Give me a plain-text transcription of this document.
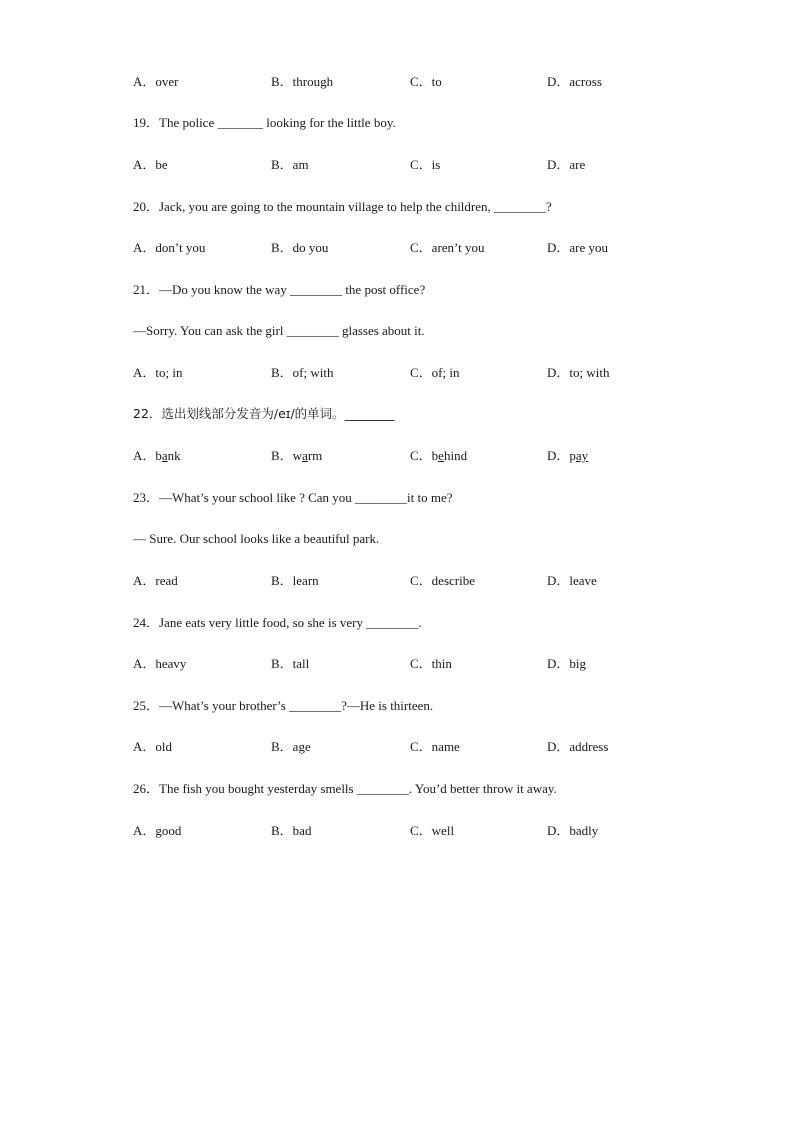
A．over	B．through	C．to	D．across
19．The police _______ looking for the little boy.
A．be	B．am	C．is	D．are
20．Jack, you are going to the mountain village to help the children, ________?
A．don’t you	B．do you	C．aren’t you	D．are you
21．—Do you know the way ________ the post office?
—Sorry. You can ask the girl ________ glasses about it.
A．to; in	B．of; with	C．of; in	D．to; with
22．选出划线部分发音为/eɪ/的单词。________
A．bank	B．warm	C．behind	D．pay
23．—What’s your school like ? Can you ________it to me?
— Sure. Our school looks like a beautiful park.
A．read	B．learn	C．describe	D．leave
24．Jane eats very little food, so she is very ________.
A．heavy	B．tall	C．thin	D．big
25．—What’s your brother’s ________?—He is thirteen.
A．old	B．age	C．name	D．address
26．The fish you bought yesterday smells ________. You’d better throw it away.
A．good	B．bad	C．well	D．badly
